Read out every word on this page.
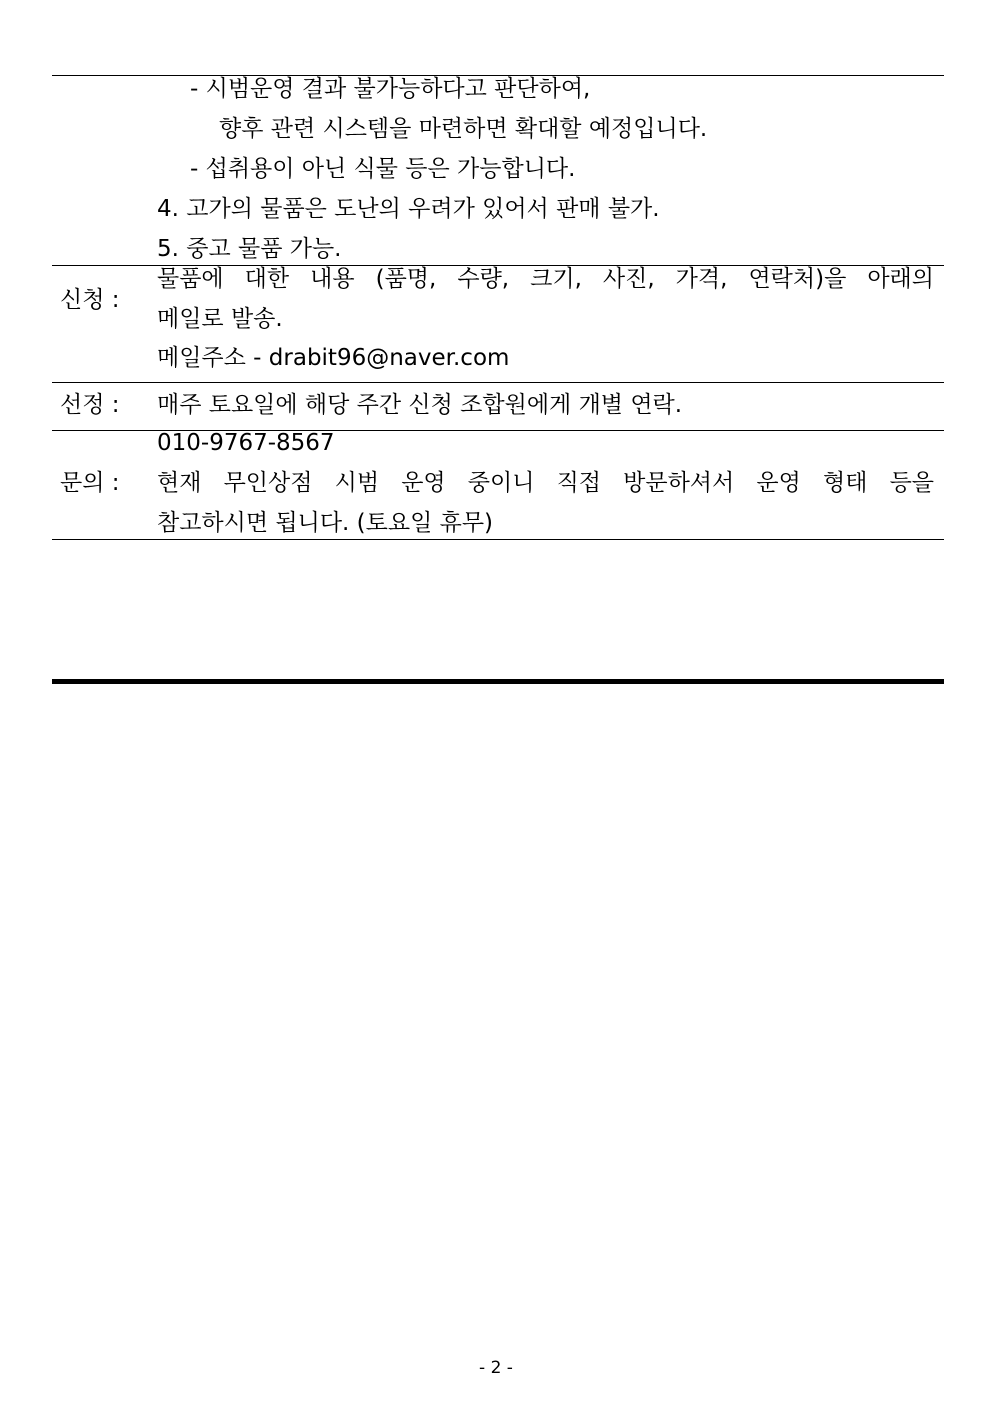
- 시범운영 결과 불가능하다고 판단하여,
향후 관련 시스템을 마련하면 확대할 예정입니다.
- 섭취용이 아닌 식물 등은 가능합니다.
4. 고가의 물품은 도난의 우려가 있어서 판매 불가.
5. 중고 물품 가능.
신청 :
물품에 대한 내용 (품명, 수량, 크기, 사진, 가격, 연락처)을 아래의
메일로 발송.
메일주소 - drabit96@naver.com
선정 : 매주 토요일에 해당 주간 신청 조합원에게 개별 연락.
010-9767-8567
문의 : 현재 무인상점 시범 운영 중이니 직접 방문하셔서 운영 형태 등을
참고하시면 됩니다. (토요일 휴무)
- 2 -
